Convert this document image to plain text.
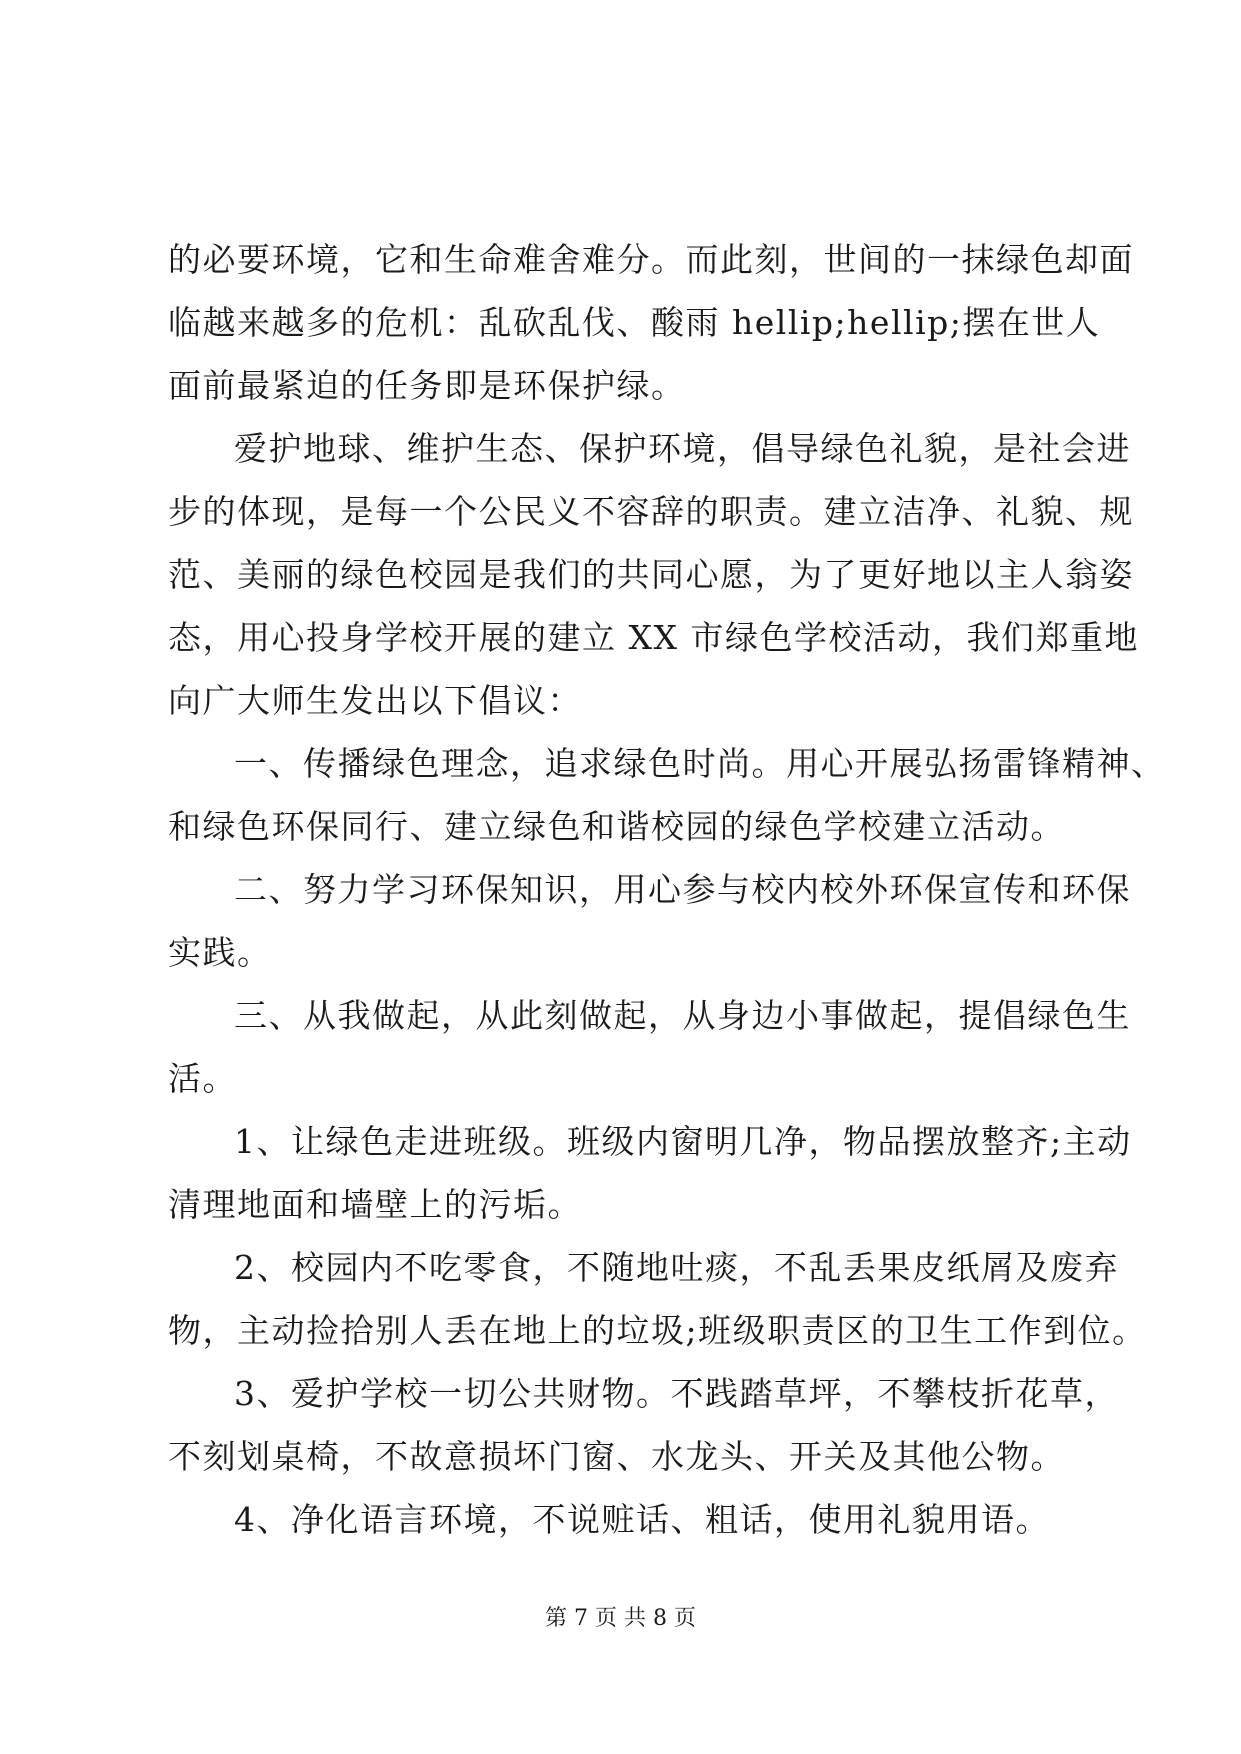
的必要环境，它和生命难舍难分。而此刻，世间的一抹绿色却面
临越来越多的危机：乱砍乱伐、酸雨 hellip;hellip;摆在世人
面前最紧迫的任务即是环保护绿。

爱护地球、维护生态、保护环境，倡导绿色礼貌，是社会进
步的体现，是每一个公民义不容辞的职责。建立洁净、礼貌、规
范、美丽的绿色校园是我们的共同心愿，为了更好地以主人翁姿
态，用心投身学校开展的建立 XX 市绿色学校活动，我们郑重地
向广大师生发出以下倡议：

一、传播绿色理念，追求绿色时尚。用心开展弘扬雷锋精神、
和绿色环保同行、建立绿色和谐校园的绿色学校建立活动。

二、努力学习环保知识，用心参与校内校外环保宣传和环保
实践。

三、从我做起，从此刻做起，从身边小事做起，提倡绿色生
活。

1、让绿色走进班级。班级内窗明几净，物品摆放整齐;主动
清理地面和墙壁上的污垢。

2、校园内不吃零食，不随地吐痰，不乱丢果皮纸屑及废弃
物，主动捡拾别人丢在地上的垃圾;班级职责区的卫生工作到位。

3、爱护学校一切公共财物。不践踏草坪，不攀枝折花草，
不刻划桌椅，不故意损坏门窗、水龙头、开关及其他公物。

4、净化语言环境，不说赃话、粗话，使用礼貌用语。

第 7 页 共 8 页
